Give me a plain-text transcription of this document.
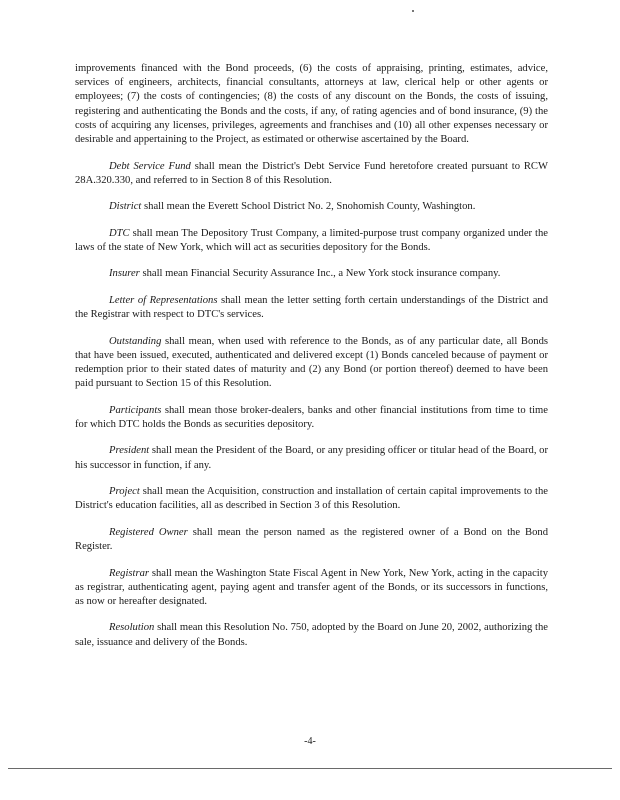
improvements financed with the Bond proceeds, (6) the costs of appraising, printing, estimates, advice, services of engineers, architects, financial consultants, attorneys at law, clerical help or other agents or employees; (7) the costs of contingencies; (8) the costs of any discount on the Bonds, the costs of issuing, registering and authenticating the Bonds and the costs, if any, of rating agencies and of bond insurance, (9) the costs of acquiring any licenses, privileges, agreements and franchises and (10) all other expenses necessary or desirable and appertaining to the Project, as estimated or otherwise ascertained by the Board.

Debt Service Fund shall mean the District's Debt Service Fund heretofore created pursuant to RCW 28A.320.330, and referred to in Section 8 of this Resolution.

District shall mean the Everett School District No. 2, Snohomish County, Washington.

DTC shall mean The Depository Trust Company, a limited-purpose trust company organized under the laws of the state of New York, which will act as securities depository for the Bonds.

Insurer shall mean Financial Security Assurance Inc., a New York stock insurance company.

Letter of Representations shall mean the letter setting forth certain understandings of the District and the Registrar with respect to DTC's services.

Outstanding shall mean, when used with reference to the Bonds, as of any particular date, all Bonds that have been issued, executed, authenticated and delivered except (1) Bonds canceled because of payment or redemption prior to their stated dates of maturity and (2) any Bond (or portion thereof) deemed to have been paid pursuant to Section 15 of this Resolution.

Participants shall mean those broker-dealers, banks and other financial institutions from time to time for which DTC holds the Bonds as securities depository.

President shall mean the President of the Board, or any presiding officer or titular head of the Board, or his successor in function, if any.

Project shall mean the Acquisition, construction and installation of certain capital improvements to the District's education facilities, all as described in Section 3 of this Resolution.

Registered Owner shall mean the person named as the registered owner of a Bond on the Bond Register.

Registrar shall mean the Washington State Fiscal Agent in New York, New York, acting in the capacity as registrar, authenticating agent, paying agent and transfer agent of the Bonds, or its successors in functions, as now or hereafter designated.

Resolution shall mean this Resolution No. 750, adopted by the Board on June 20, 2002, authorizing the sale, issuance and delivery of the Bonds.

-4-
